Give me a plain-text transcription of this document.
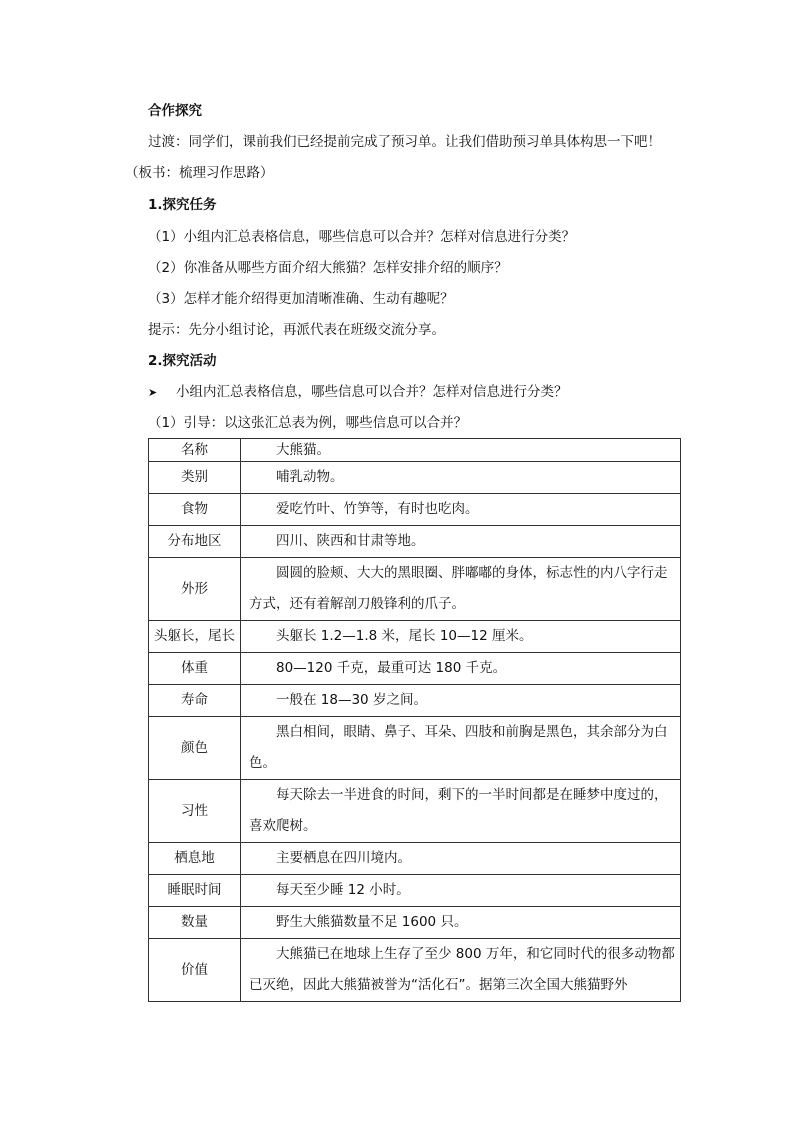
合作探究
过渡：同学们，课前我们已经提前完成了预习单。让我们借助预习单具体构思一下吧！
（板书：梳理习作思路）
1.探究任务
（1）小组内汇总表格信息，哪些信息可以合并？怎样对信息进行分类？
（2）你准备从哪些方面介绍大熊猫？怎样安排介绍的顺序？
（3）怎样才能介绍得更加清晰准确、生动有趣呢？
提示：先分小组讨论，再派代表在班级交流分享。
2.探究活动
➤ 小组内汇总表格信息，哪些信息可以合并？怎样对信息进行分类？
（1）引导：以这张汇总表为例，哪些信息可以合并？
名称	大熊猫。
类别	哺乳动物。
食物	爱吃竹叶、竹笋等，有时也吃肉。
分布地区	四川、陕西和甘肃等地。
外形	圆圆的脸颊、大大的黑眼圈、胖嘟嘟的身体，标志性的内八字行走方式，还有着解剖刀般锋利的爪子。
头躯长，尾长	头躯长 1.2—1.8 米，尾长 10—12 厘米。
体重	80—120 千克，最重可达 180 千克。
寿命	一般在 18—30 岁之间。
颜色	黑白相间，眼睛、鼻子、耳朵、四肢和前胸是黑色，其余部分为白色。
习性	每天除去一半进食的时间，剩下的一半时间都是在睡梦中度过的，喜欢爬树。
栖息地	主要栖息在四川境内。
睡眠时间	每天至少睡 12 小时。
数量	野生大熊猫数量不足 1600 只。
价值	大熊猫已在地球上生存了至少 800 万年，和它同时代的很多动物都已灭绝，因此大熊猫被誉为“活化石”。据第三次全国大熊猫野外
